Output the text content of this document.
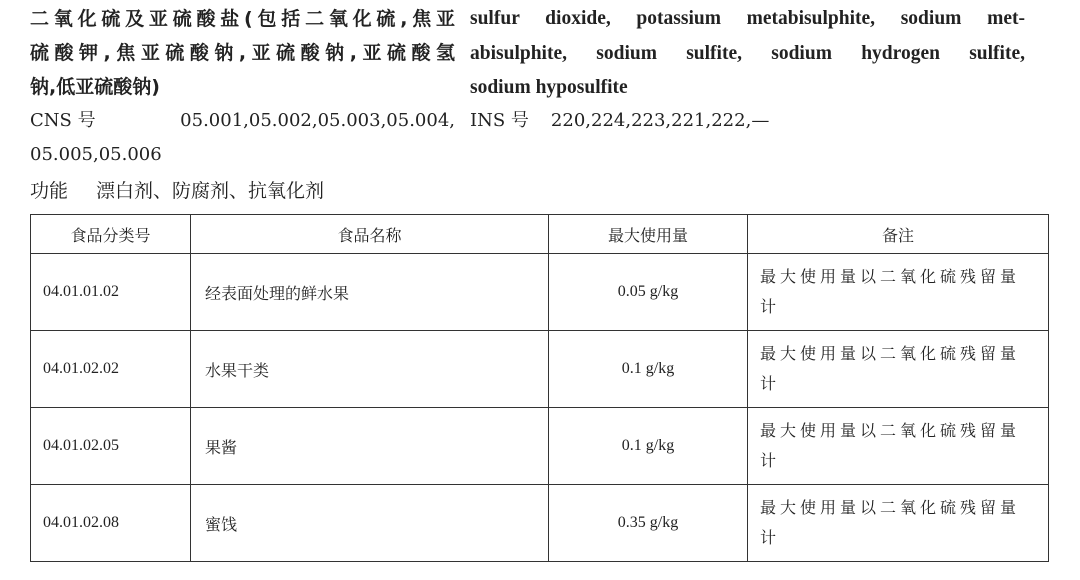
二氧化硫及亚硫酸盐(包括二氧化硫,焦亚
硫酸钾,焦亚硫酸钠,亚硫酸钠,亚硫酸氢
钠,低亚硫酸钠)
sulfur dioxide, potassium metabisulphite, sodium met-
abisulphite, sodium sulfite, sodium hydrogen sulfite,
sodium hyposulfite
CNS 号	05.001,05.002,05.003,05.004,
05.005,05.006
INS 号 220,224,223,221,222,—
功能 漂白剂、防腐剂、抗氧化剂
食品分类号	食品名称	最大使用量	备注
04.01.01.02	经表面处理的鲜水果	0.05 g/kg	最大使用量以二氧化硫残留量计
04.01.02.02	水果干类	0.1 g/kg	最大使用量以二氧化硫残留量计
04.01.02.05	果酱	0.1 g/kg	最大使用量以二氧化硫残留量计
04.01.02.08	蜜饯	0.35 g/kg	最大使用量以二氧化硫残留量计
